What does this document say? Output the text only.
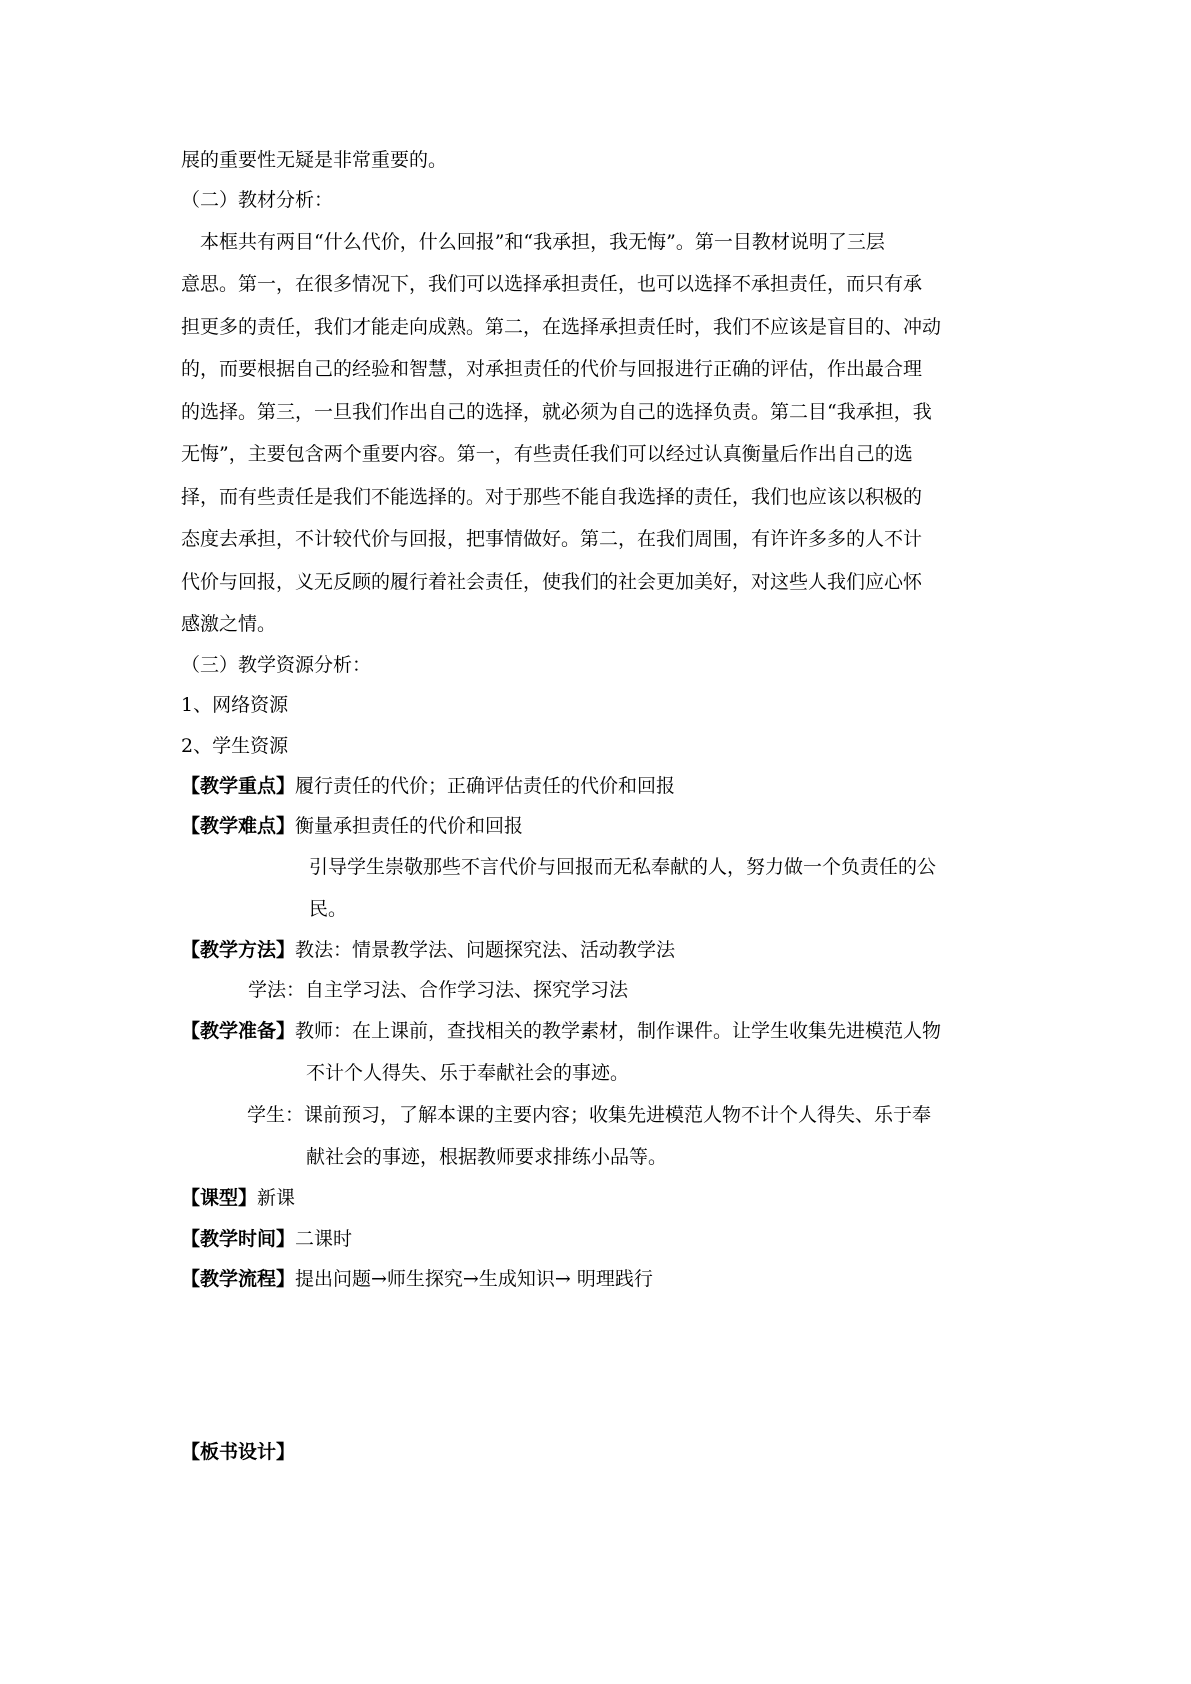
展的重要性无疑是非常重要的。
（二）教材分析：
本框共有两目“什么代价，什么回报”和“我承担，我无悔”。第一目教材说明了三层
意思。第一，在很多情况下，我们可以选择承担责任，也可以选择不承担责任，而只有承
担更多的责任，我们才能走向成熟。第二，在选择承担责任时，我们不应该是盲目的、冲动
的，而要根据自己的经验和智慧，对承担责任的代价与回报进行正确的评估，作出最合理
的选择。第三，一旦我们作出自己的选择，就必须为自己的选择负责。第二目“我承担，我
无悔”，主要包含两个重要内容。第一，有些责任我们可以经过认真衡量后作出自己的选
择，而有些责任是我们不能选择的。对于那些不能自我选择的责任，我们也应该以积极的
态度去承担，不计较代价与回报，把事情做好。第二，在我们周围，有许许多多的人不计
代价与回报，义无反顾的履行着社会责任，使我们的社会更加美好，对这些人我们应心怀
感激之情。
（三）教学资源分析：
1、网络资源
2、学生资源
【教学重点】履行责任的代价；正确评估责任的代价和回报
【教学难点】衡量承担责任的代价和回报
引导学生崇敬那些不言代价与回报而无私奉献的人，努力做一个负责任的公
民。
【教学方法】教法：情景教学法、问题探究法、活动教学法
学法：自主学习法、合作学习法、探究学习法
【教学准备】教师：在上课前，查找相关的教学素材，制作课件。让学生收集先进模范人物
不计个人得失、乐于奉献社会的事迹。
学生：课前预习，了解本课的主要内容；收集先进模范人物不计个人得失、乐于奉
献社会的事迹，根据教师要求排练小品等。
【课型】新课
【教学时间】二课时
【教学流程】提出问题→师生探究→生成知识→ 明理践行
【板书设计】
